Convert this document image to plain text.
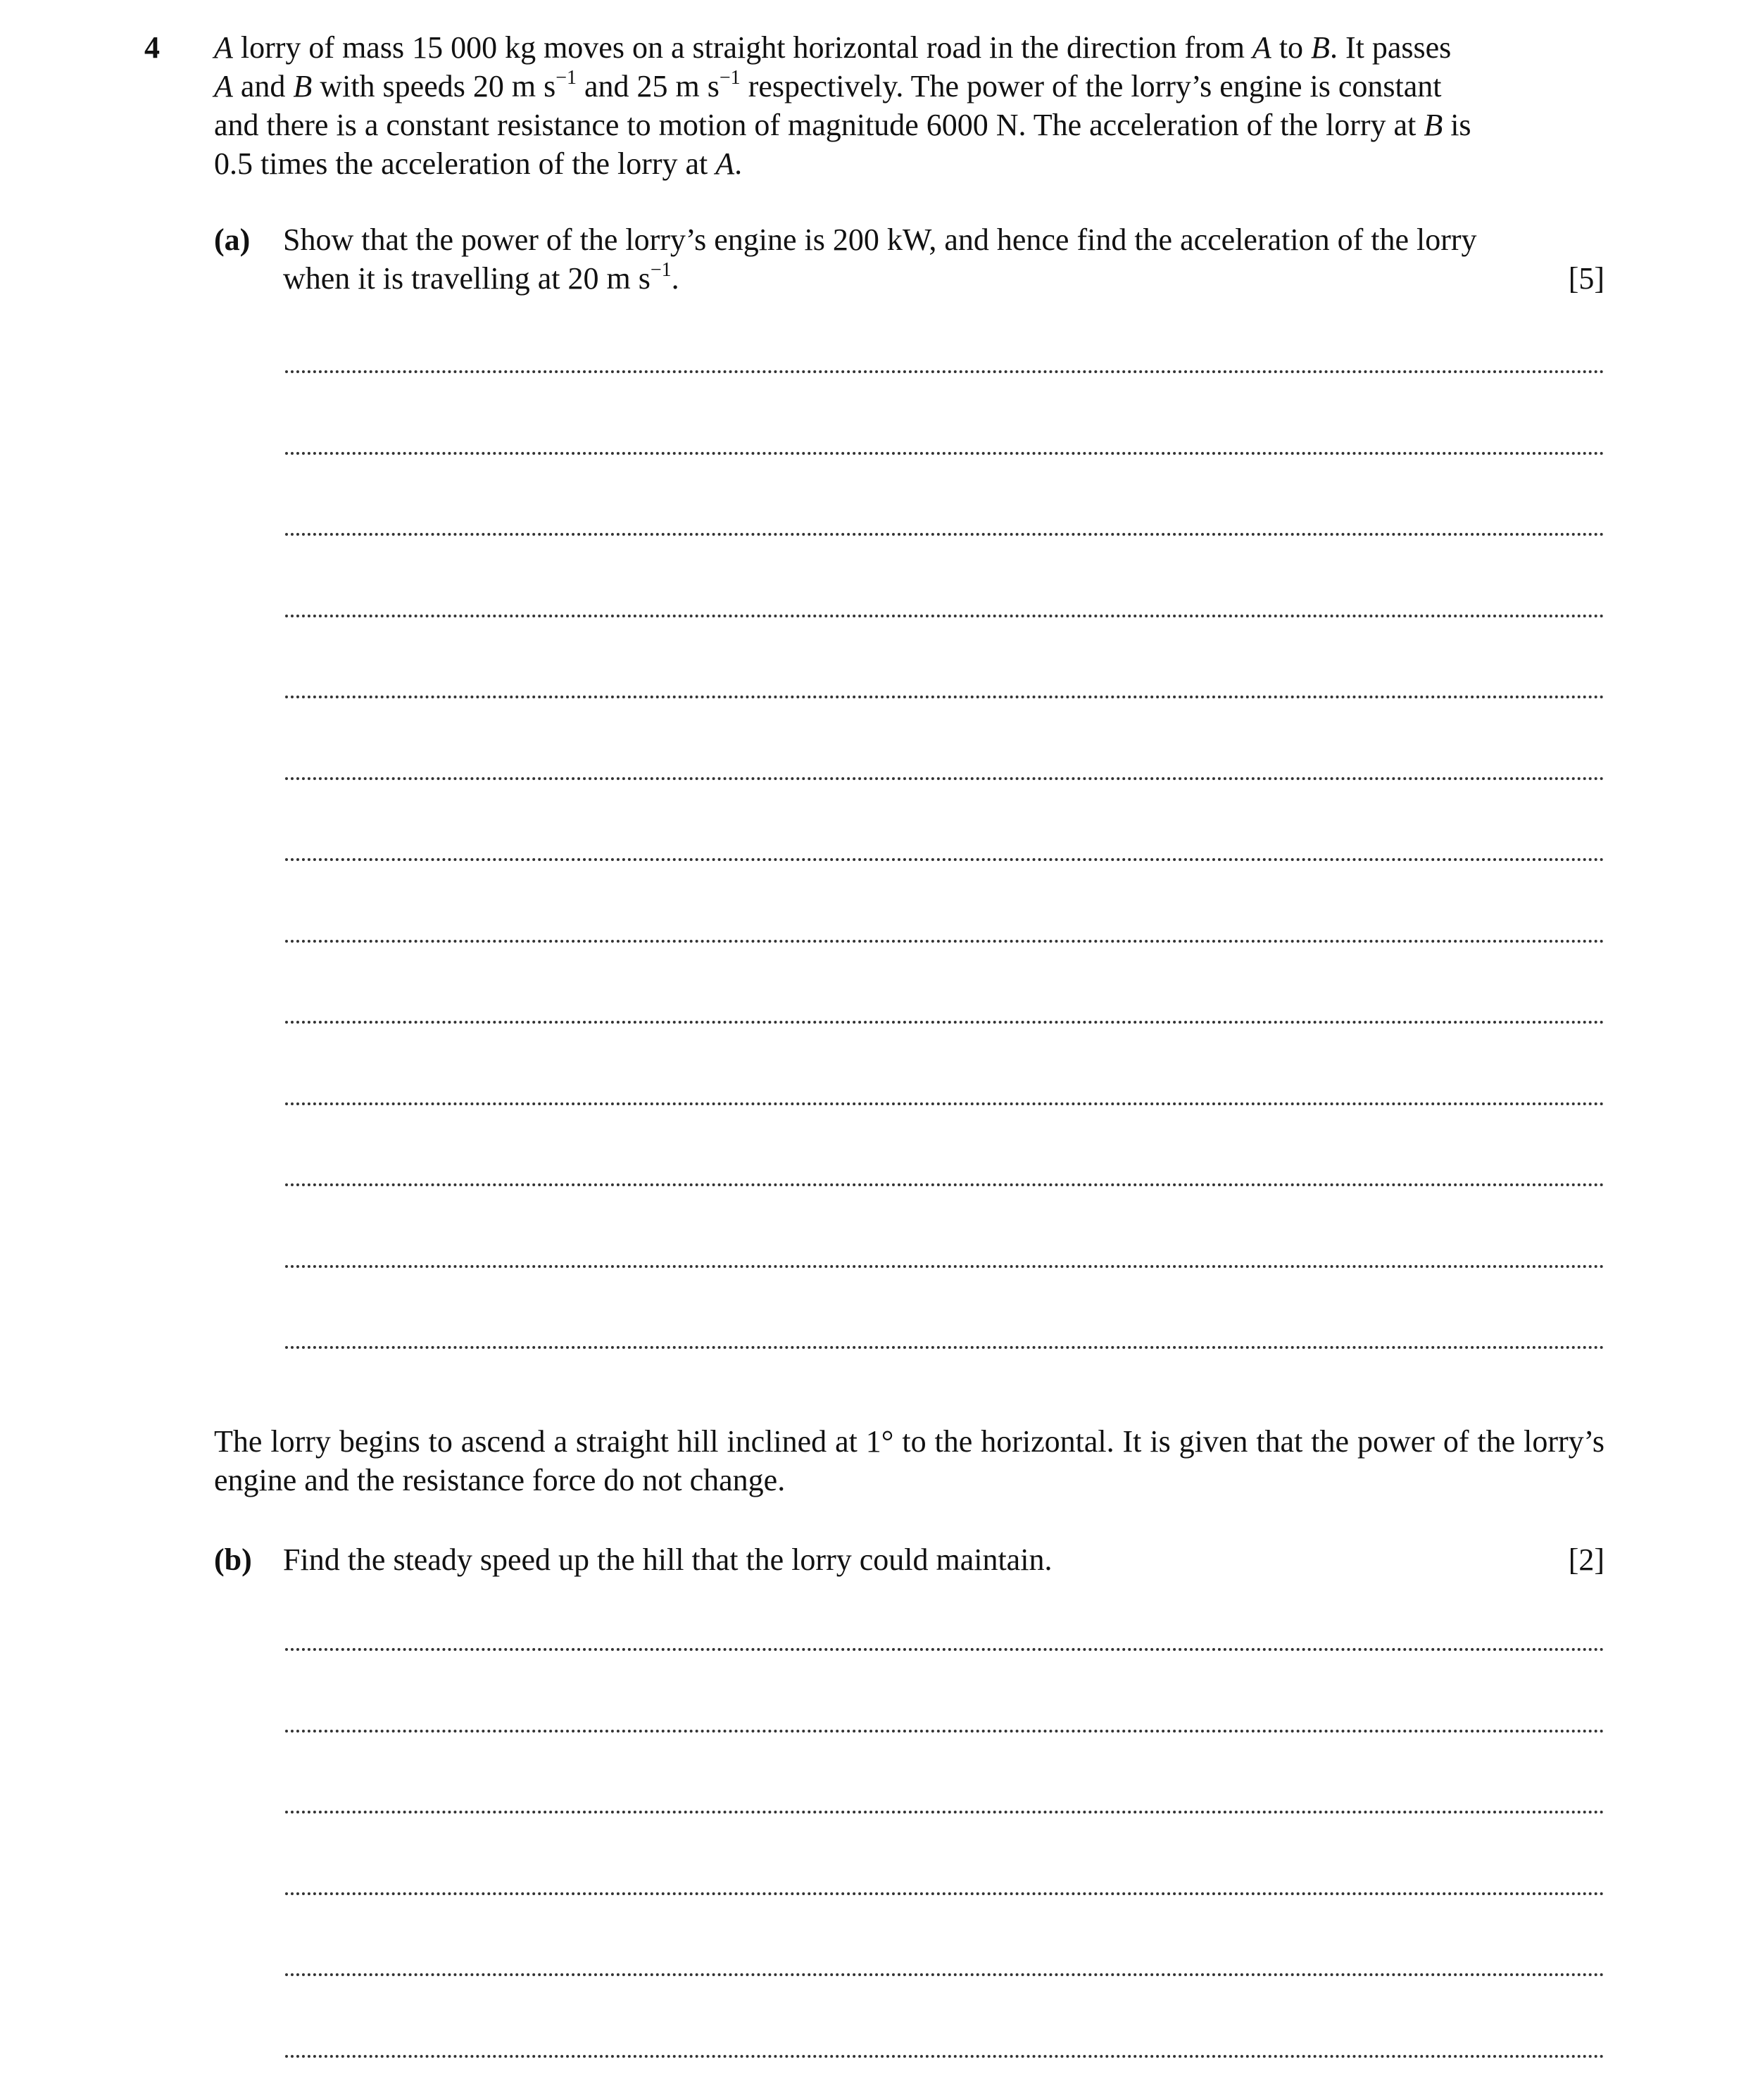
4 A lorry of mass 15 000 kg moves on a straight horizontal road in the direction from A to B. It passes

A and B with speeds 20 m $s^{-1}$ and 25 m $s^{-1}$ respectively. The power of the lorry’s engine is constant

and there is a constant resistance to motion of magnitude 6000 N. The acceleration of the lorry at B is

0.5 times the acceleration of the lorry at A.

(a) Show that the power of the lorry’s engine is 200 kW, and hence find the acceleration of the lorry
when it is travelling at 20 m $s^{-1}$.	[5]

The lorry begins to ascend a straight hill inclined at 1° to the horizontal. It is given that the power of the lorry’s engine and the resistance force do not change.

(b) Find the steady speed up the hill that the lorry could maintain.	[2]
